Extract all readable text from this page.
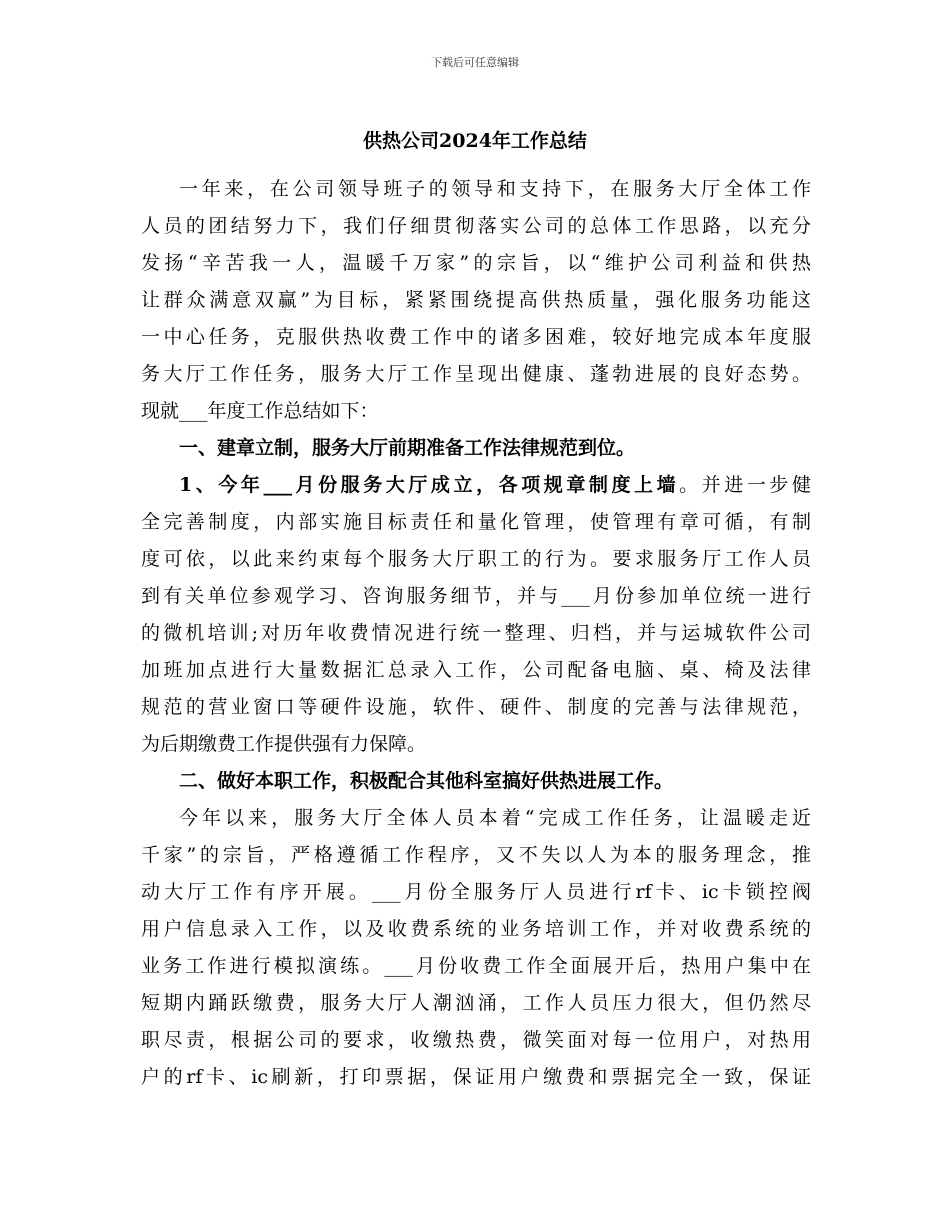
下载后可任意编辑
供热公司2024年工作总结
一年来，在公司领导班子的领导和支持下，在服务大厅全体工作
人员的团结努力下，我们仔细贯彻落实公司的总体工作思路，以充分
发扬“辛苦我一人，温暖千万家”的宗旨，以“维护公司利益和供热
让群众满意双赢”为目标，紧紧围绕提高供热质量，强化服务功能这
一中心任务，克服供热收费工作中的诸多困难，较好地完成本年度服
务大厅工作任务，服务大厅工作呈现出健康、蓬勃进展的良好态势。
现就___年度工作总结如下：
一、建章立制，服务大厅前期准备工作法律规范到位。
1、今年___月份服务大厅成立，各项规章制度上墙。并进一步健
全完善制度，内部实施目标责任和量化管理，使管理有章可循，有制
度可依，以此来约束每个服务大厅职工的行为。要求服务厅工作人员
到有关单位参观学习、咨询服务细节，并与___月份参加单位统一进行
的微机培训;对历年收费情况进行统一整理、归档，并与运城软件公司
加班加点进行大量数据汇总录入工作，公司配备电脑、桌、椅及法律
规范的营业窗口等硬件设施，软件、硬件、制度的完善与法律规范，
为后期缴费工作提供强有力保障。
二、做好本职工作，积极配合其他科室搞好供热进展工作。
今年以来，服务大厅全体人员本着“完成工作任务，让温暖走近
千家”的宗旨，严格遵循工作程序，又不失以人为本的服务理念，推
动大厅工作有序开展。___月份全服务厅人员进行rf卡、ic卡锁控阀
用户信息录入工作，以及收费系统的业务培训工作，并对收费系统的
业务工作进行模拟演练。___月份收费工作全面展开后，热用户集中在
短期内踊跃缴费，服务大厅人潮汹涌，工作人员压力很大，但仍然尽
职尽责，根据公司的要求，收缴热费，微笑面对每一位用户，对热用
户的rf卡、ic刷新，打印票据，保证用户缴费和票据完全一致，保证
